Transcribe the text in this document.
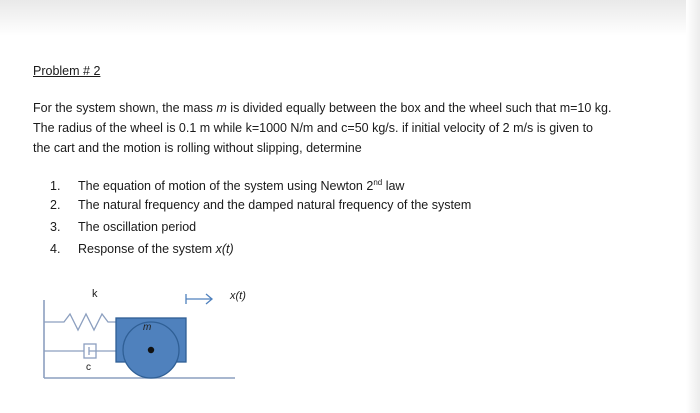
Problem # 2
For the system shown, the mass m is divided equally between the box and the wheel such that m=10 kg.
The radius of the wheel is 0.1 m while k=1000 N/m and c=50 kg/s. if initial velocity of 2 m/s is given to
the cart and the motion is rolling without slipping, determine
1. The equation of motion of the system using Newton 2nd law
2. The natural frequency and the damped natural frequency of the system
3. The oscillation period
4. Response of the system x(t)
k
c
m
x(t)
